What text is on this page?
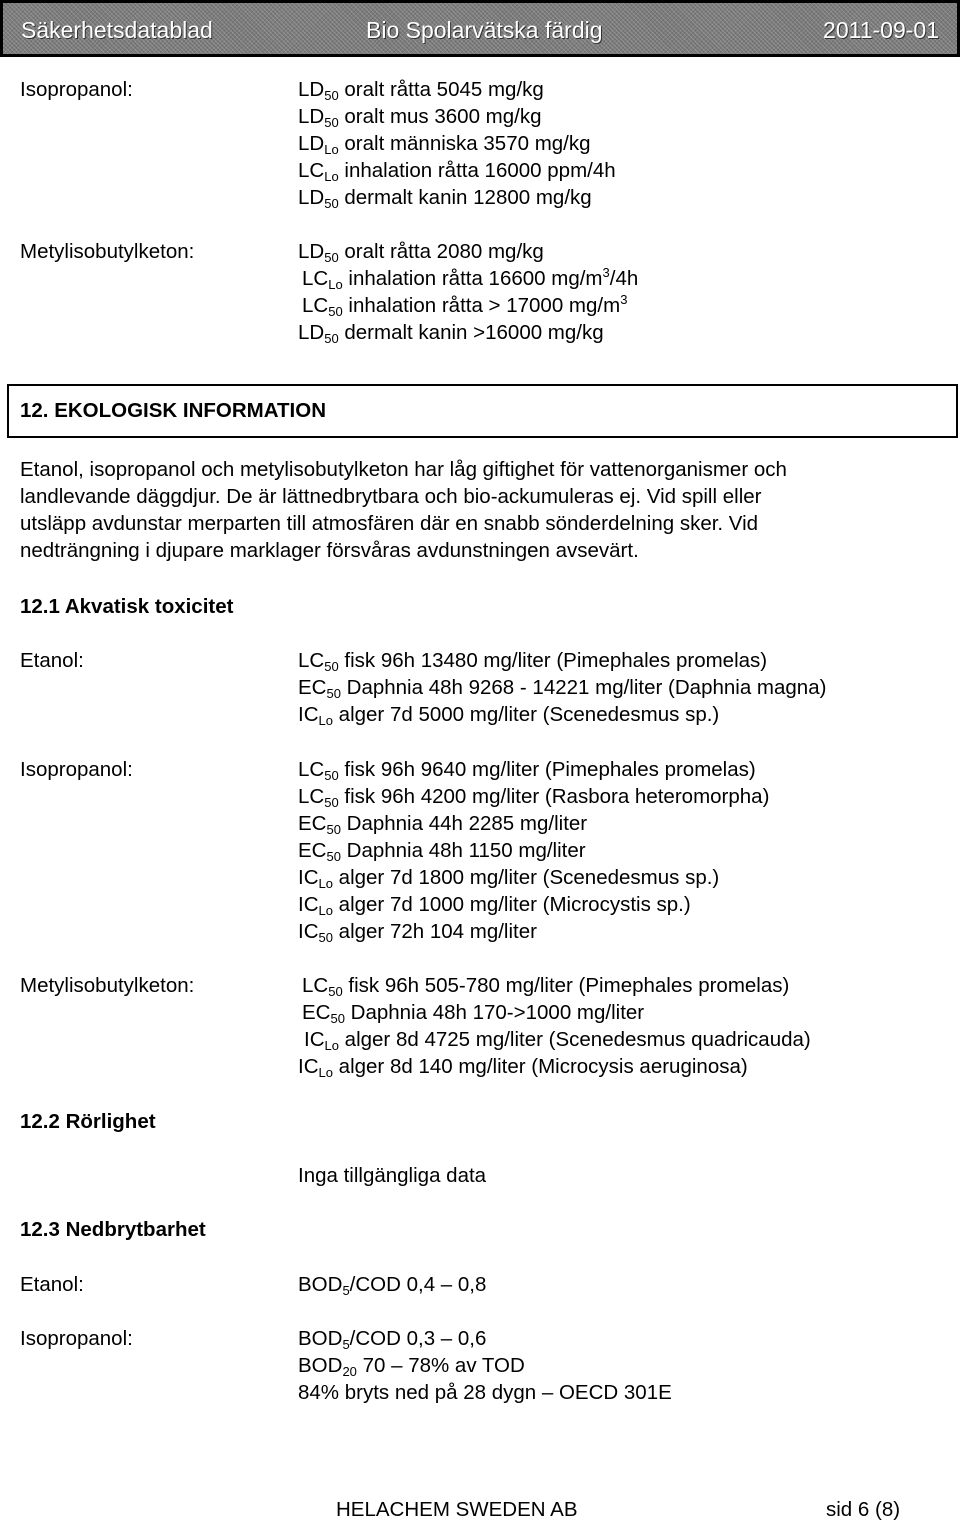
Säkerhetsdatablad	Bio Spolarvätska färdig	2011-09-01
Isopropanol:	LD50 oralt råtta 5045 mg/kg
LD50 oralt mus 3600 mg/kg
LDLo oralt människa 3570 mg/kg
LCLo inhalation råtta 16000 ppm/4h
LD50 dermalt kanin 12800 mg/kg
Metylisobutylketon:	LD50 oralt råtta 2080 mg/kg
LCLo inhalation råtta 16600 $mg/m^3/4h$
LC50 inhalation råtta > 17000 $mg/m^3$
LD50 dermalt kanin >16000 mg/kg
12. EKOLOGISK INFORMATION
Etanol, isopropanol och metylisobutylketon har låg giftighet för vattenorganismer och
landlevande däggdjur. De är lättnedbrytbara och bio-ackumuleras ej. Vid spill eller
utsläpp avdunstar merparten till atmosfären där en snabb sönderdelning sker. Vid
nedträngning i djupare marklager försvåras avdunstningen avsevärt.
12.1 Akvatisk toxicitet
Etanol:	LC50 fisk 96h 13480 mg/liter (Pimephales promelas)
EC50 Daphnia 48h 9268 - 14221 mg/liter (Daphnia magna)
ICLo alger 7d 5000 mg/liter (Scenedesmus sp.)
Isopropanol:	LC50 fisk 96h 9640 mg/liter (Pimephales promelas)
LC50 fisk 96h 4200 mg/liter (Rasbora heteromorpha)
EC50 Daphnia 44h 2285 mg/liter
EC50 Daphnia 48h 1150 mg/liter
ICLo alger 7d 1800 mg/liter (Scenedesmus sp.)
ICLo alger 7d 1000 mg/liter (Microcystis sp.)
IC50 alger 72h 104 mg/liter
Metylisobutylketon:	LC50 fisk 96h 505-780 mg/liter (Pimephales promelas)
EC50 Daphnia 48h 170->1000 mg/liter
ICLo alger 8d 4725 mg/liter (Scenedesmus quadricauda)
ICLo alger 8d 140 mg/liter (Microcysis aeruginosa)
12.2 Rörlighet
Inga tillgängliga data
12.3 Nedbrytbarhet
Etanol:	BOD5/COD 0,4 – 0,8
Isopropanol:	BOD5/COD 0,3 – 0,6
BOD20 70 – 78% av TOD
84% bryts ned på 28 dygn – OECD 301E
HELACHEM SWEDEN AB	sid 6 (8)
